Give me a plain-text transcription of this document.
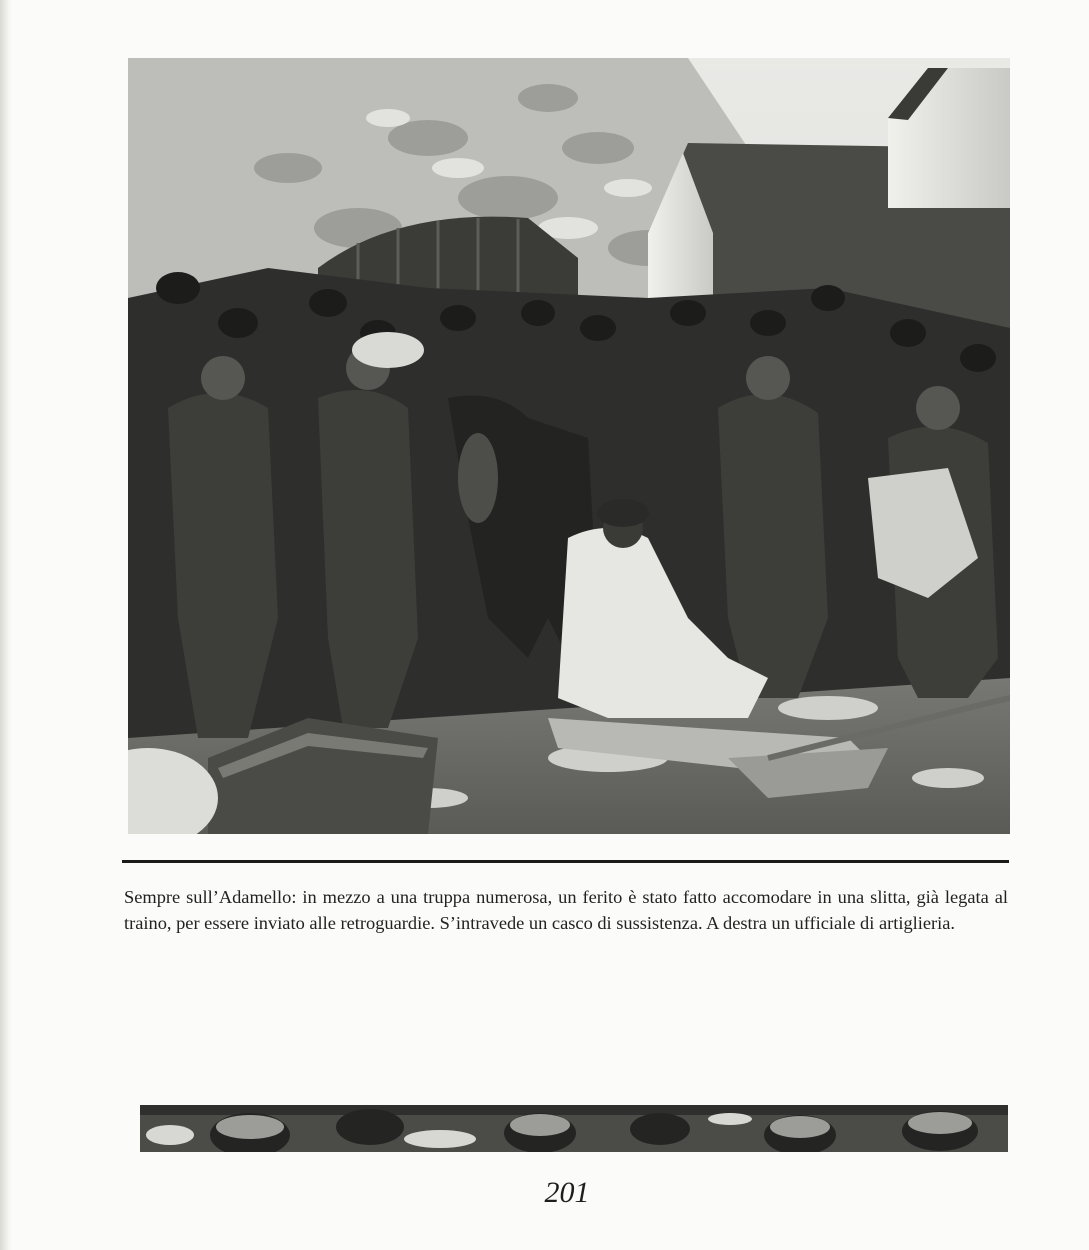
Sempre sull’Adamello: in mezzo a una truppa numerosa, un ferito è stato fatto accomodare in una slitta, già legata al traino, per essere inviato alle retroguardie. S’intravede un casco di sussistenza. A destra un ufficiale di artiglieria.

201
